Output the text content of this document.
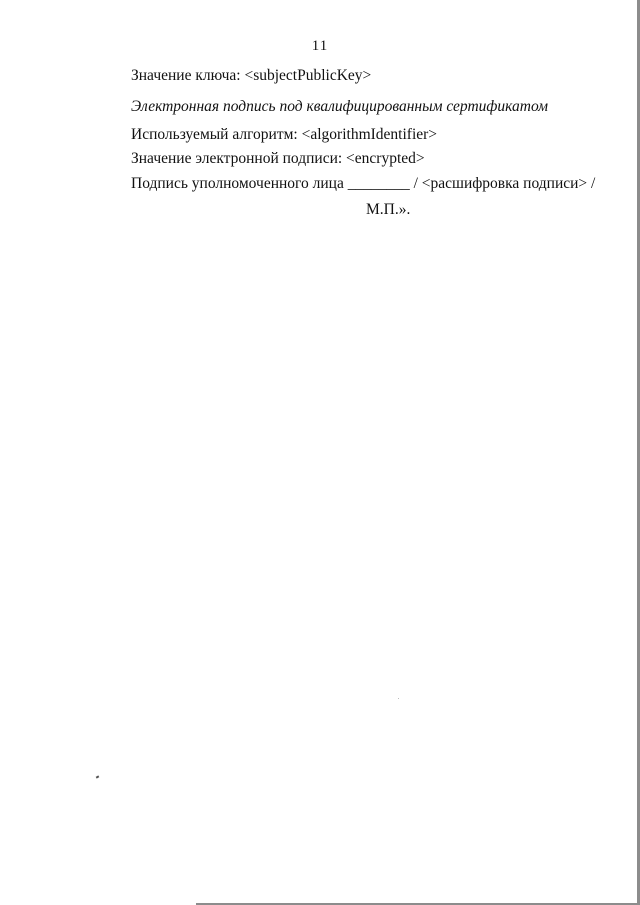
11
Значение ключа: <subjectPublicKey>
Электронная подпись под квалифицированным сертификатом
Используемый алгоритм: <algorithmIdentifier>
Значение электронной подписи: <encrypted>
Подпись уполномоченного лица ________ / <расшифровка подписи> /
М.П.».
